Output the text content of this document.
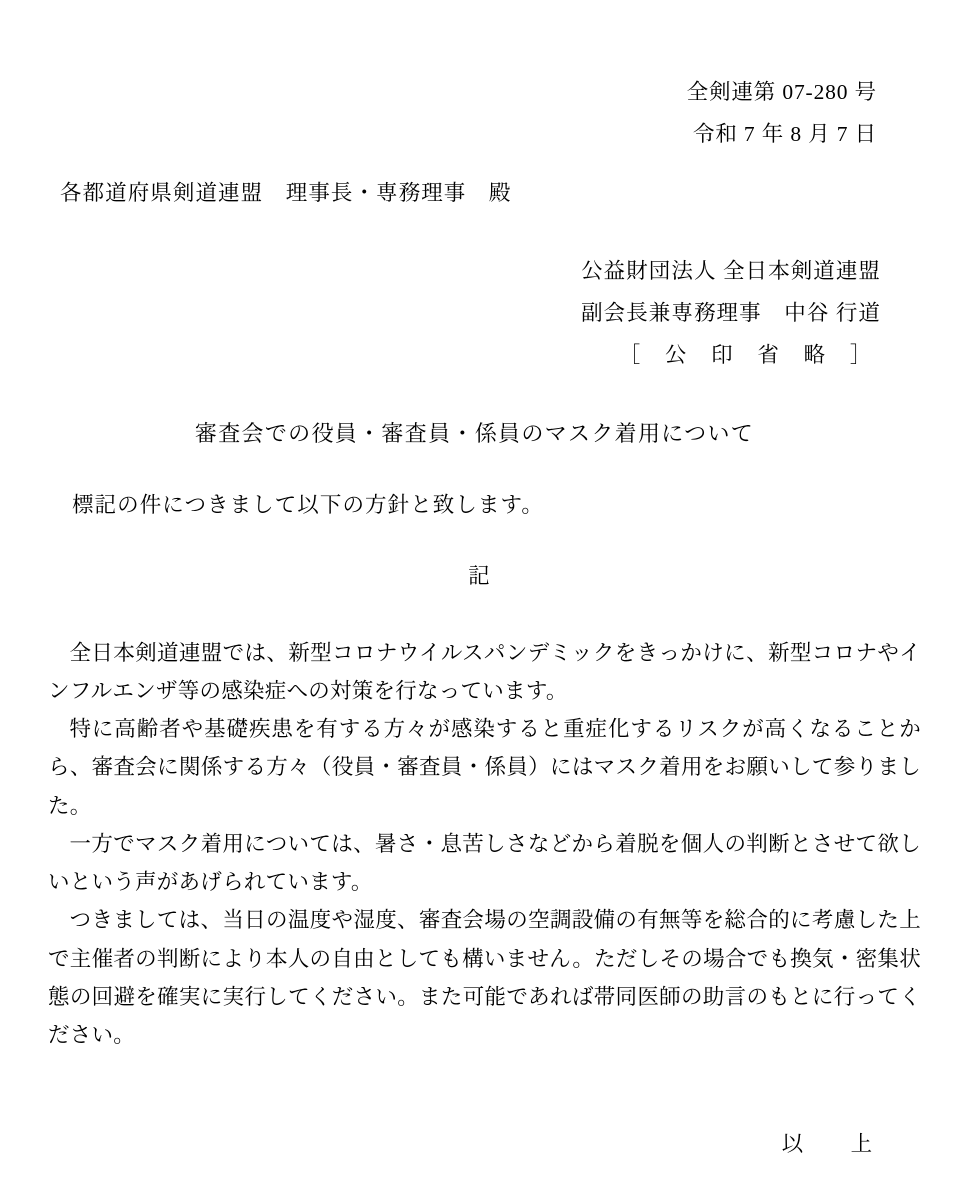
全剣連第 07-280 号
令和 7 年 8 月 7 日
各都道府県剣道連盟　理事長・専務理事　殿
公益財団法人 全日本剣道連盟
副会長兼専務理事　中谷 行道
［ 公 印 省 略 ］
審査会での役員・審査員・係員のマスク着用について
標記の件につきまして以下の方針と致します。
記

全日本剣道連盟では、新型コロナウイルスパンデミックをきっかけに、新型コロナやインフルエンザ等の感染症への対策を行なっています。

特に高齢者や基礎疾患を有する方々が感染すると重症化するリスクが高くなることから、審査会に関係する方々（役員・審査員・係員）にはマスク着用をお願いして参りました。

一方でマスク着用については、暑さ・息苦しさなどから着脱を個人の判断とさせて欲しいという声があげられています。

つきましては、当日の温度や湿度、審査会場の空調設備の有無等を総合的に考慮した上で主催者の判断により本人の自由としても構いません。ただしその場合でも換気・密集状態の回避を確実に実行してください。また可能であれば帯同医師の助言のもとに行ってください。

以　上
